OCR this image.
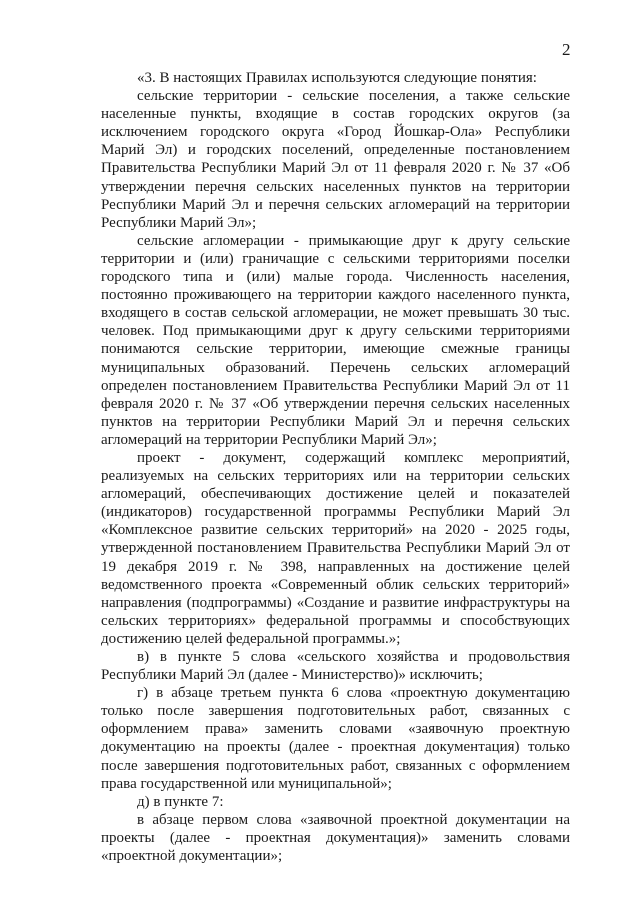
2

«3. В настоящих Правилах используются следующие понятия:

сельские территории - сельские поселения, а также сельские населенные пункты, входящие в состав городских округов (за исключением городского округа «Город Йошкар-Ола» Республики Марий Эл) и городских поселений, определенные постановлением Правительства Республики Марий Эл от 11 февраля 2020 г. № 37 «Об утверждении перечня сельских населенных пунктов на территории Республики Марий Эл и перечня сельских агломераций на территории Республики Марий Эл»;

сельские агломерации - примыкающие друг к другу сельские территории и (или) граничащие с сельскими территориями поселки городского типа и (или) малые города. Численность населения, постоянно проживающего на территории каждого населенного пункта, входящего в состав сельской агломерации, не может превышать 30 тыс. человек. Под примыкающими друг к другу сельскими территориями понимаются сельские территории, имеющие смежные границы муниципальных образований. Перечень сельских агломераций определен постановлением Правительства Республики Марий Эл от 11 февраля 2020 г. № 37 «Об утверждении перечня сельских населенных пунктов на территории Республики Марий Эл и перечня сельских агломераций на территории Республики Марий Эл»;

проект - документ, содержащий комплекс мероприятий, реализуемых на сельских территориях или на территории сельских агломераций, обеспечивающих достижение целей и показателей (индикаторов) государственной программы Республики Марий Эл «Комплексное развитие сельских территорий» на 2020 - 2025 годы, утвержденной постановлением Правительства Республики Марий Эл от 19 декабря 2019 г. № 398, направленных на достижение целей ведомственного проекта «Современный облик сельских территорий» направления (подпрограммы) «Создание и развитие инфраструктуры на сельских территориях» федеральной программы и способствующих достижению целей федеральной программы.»;

в) в пункте 5 слова «сельского хозяйства и продовольствия Республики Марий Эл (далее - Министерство)» исключить;

г) в абзаце третьем пункта 6 слова «проектную документацию только после завершения подготовительных работ, связанных с оформлением права» заменить словами «заявочную проектную документацию на проекты (далее - проектная документация) только после завершения подготовительных работ, связанных с оформлением права государственной или муниципальной»;

д) в пункте 7:

в абзаце первом слова «заявочной проектной документации на проекты (далее - проектная документация)» заменить словами «проектной документации»;
